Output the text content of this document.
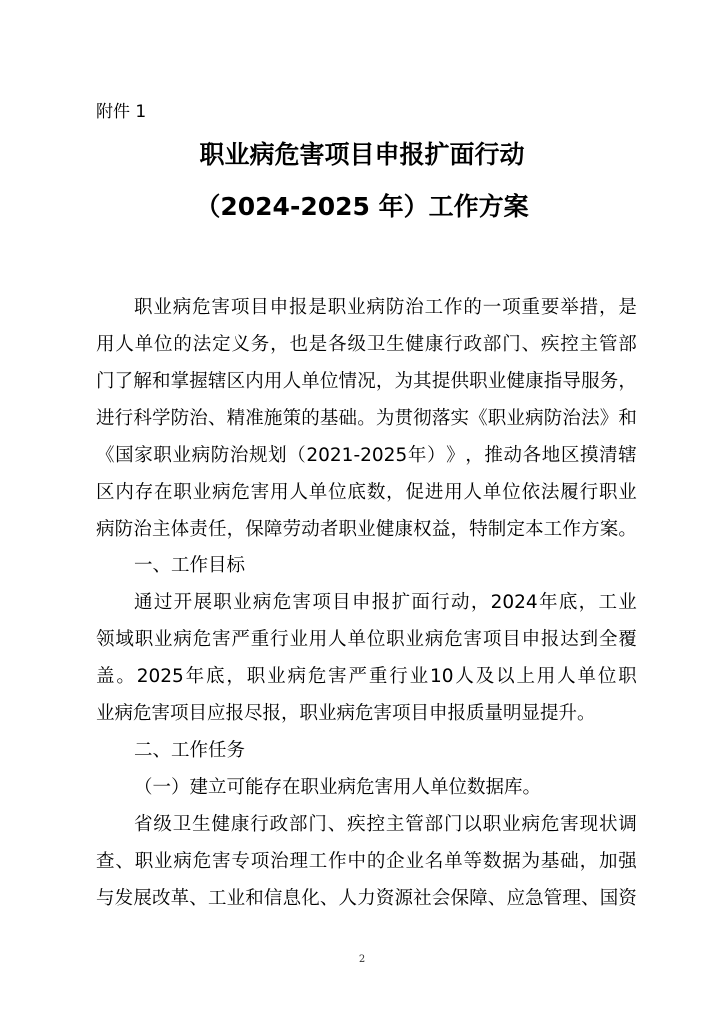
附件 1
职业病危害项目申报扩面行动
（2024-2025 年）工作方案
职 业 病 危 害 项 目 申 报 是 职 业 病 防 治 工 作 的 一 项 重 要 举 措 ， 是
用 人 单 位 的 法 定 义 务 ， 也 是 各 级 卫 生 健 康 行 政 部 门 、 疾 控 主 管 部
门 了 解 和 掌 握 辖 区 内 用 人 单 位 情 况 ， 为 其 提 供 职 业 健 康 指 导 服 务 ，
进 行 科 学 防 治 、 精 准 施 策 的 基 础 。 为 贯 彻 落 实 《 职 业 病 防 治 法 》 和
《 国 家 职 业 病 防 治 规 划 （ 2021-2025 年 ） 》 ， 推 动 各 地 区 摸 清 辖
区 内 存 在 职 业 病 危 害 用 人 单 位 底 数 ， 促 进 用 人 单 位 依 法 履 行 职 业
病 防 治 主 体 责 任 ， 保 障 劳 动 者 职 业 健 康 权 益 ， 特 制 定 本 工 作 方 案 。
一、工作目标
通 过 开 展 职 业 病 危 害 项 目 申 报 扩 面 行 动 ， 2024 年 底 ， 工 业
领 域 职 业 病 危 害 严 重 行 业 用 人 单 位 职 业 病 危 害 项 目 申 报 达 到 全 覆
盖 。 2025 年 底 ， 职 业 病 危 害 严 重 行 业 10 人 及 以 上 用 人 单 位 职
业病危害项目应报尽报，职业病危害项目申报质量明显提升。
二、工作任务
（一）建立可能存在职业病危害用人单位数据库。
省 级 卫 生 健 康 行 政 部 门 、 疾 控 主 管 部 门 以 职 业 病 危 害 现 状 调
查 、 职 业 病 危 害 专 项 治 理 工 作 中 的 企 业 名 单 等 数 据 为 基 础 ， 加 强
与 发 展 改 革 、 工 业 和 信 息 化 、 人 力 资 源 社 会 保 障 、 应 急 管 理 、 国 资
2
